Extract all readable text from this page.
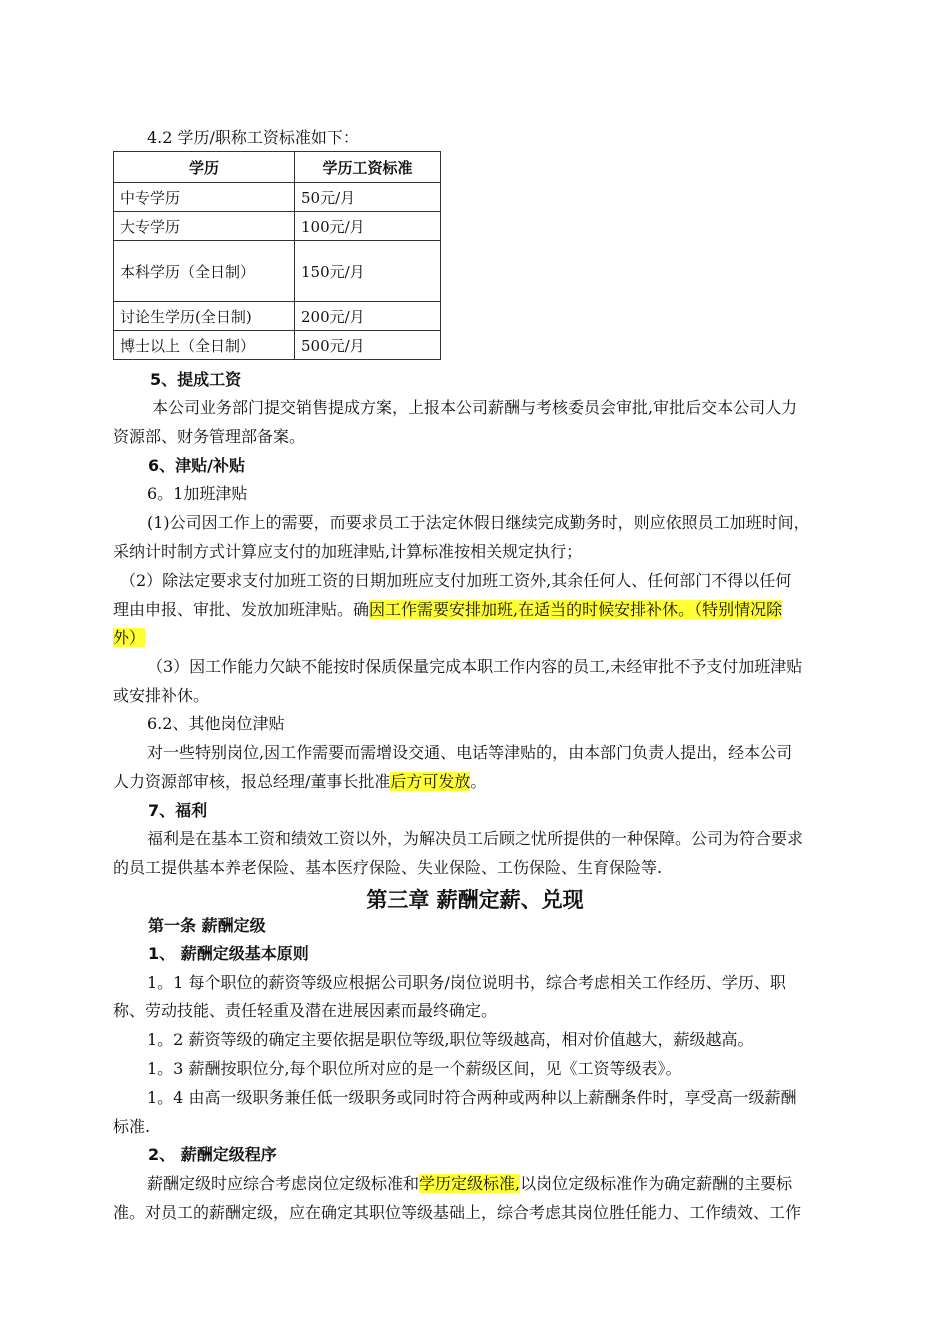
4.2 学历/职称工资标准如下：
学历	学历工资标准
中专学历	50元/月
大专学历	100元/月
本科学历（全日制）	150元/月
讨论生学历(全日制)	200元/月
博士以上（全日制）	500元/月
5、提成工资
本公司业务部门提交销售提成方案，上报本公司薪酬与考核委员会审批,审批后交本公司人力
资源部、财务管理部备案。
6、津贴/补贴
6。1加班津贴
(1)公司因工作上的需要，而要求员工于法定休假日继续完成勤务时，则应依照员工加班时间，
采纳计时制方式计算应支付的加班津贴,计算标准按相关规定执行；
（2）除法定要求支付加班工资的日期加班应支付加班工资外,其余任何人、任何部门不得以任何
理由申报、审批、发放加班津贴。确因工作需要安排加班,在适当的时候安排补休。（特别情况除
外）
（3）因工作能力欠缺不能按时保质保量完成本职工作内容的员工,未经审批不予支付加班津贴
或安排补休。
6.2、其他岗位津贴
对一些特别岗位,因工作需要而需增设交通、电话等津贴的，由本部门负责人提出，经本公司
人力资源部审核，报总经理/董事长批准后方可发放。
7、福利
福利是在基本工资和绩效工资以外，为解决员工后顾之忧所提供的一种保障。公司为符合要求
的员工提供基本养老保险、基本医疗保险、失业保险、工伤保险、生育保险等.
第三章 薪酬定薪、兑现
第一条 薪酬定级
1、 薪酬定级基本原则
1。1 每个职位的薪资等级应根据公司职务/岗位说明书，综合考虑相关工作经历、学历、职
称、劳动技能、责任轻重及潜在进展因素而最终确定。
1。2 薪资等级的确定主要依据是职位等级,职位等级越高，相对价值越大，薪级越高。
1。3 薪酬按职位分,每个职位所对应的是一个薪级区间，见《工资等级表》。
1。4 由高一级职务兼任低一级职务或同时符合两种或两种以上薪酬条件时，享受高一级薪酬
标准.
2、 薪酬定级程序
薪酬定级时应综合考虑岗位定级标准和学历定级标准,以岗位定级标准作为确定薪酬的主要标
准。对员工的薪酬定级，应在确定其职位等级基础上，综合考虑其岗位胜任能力、工作绩效、工作
